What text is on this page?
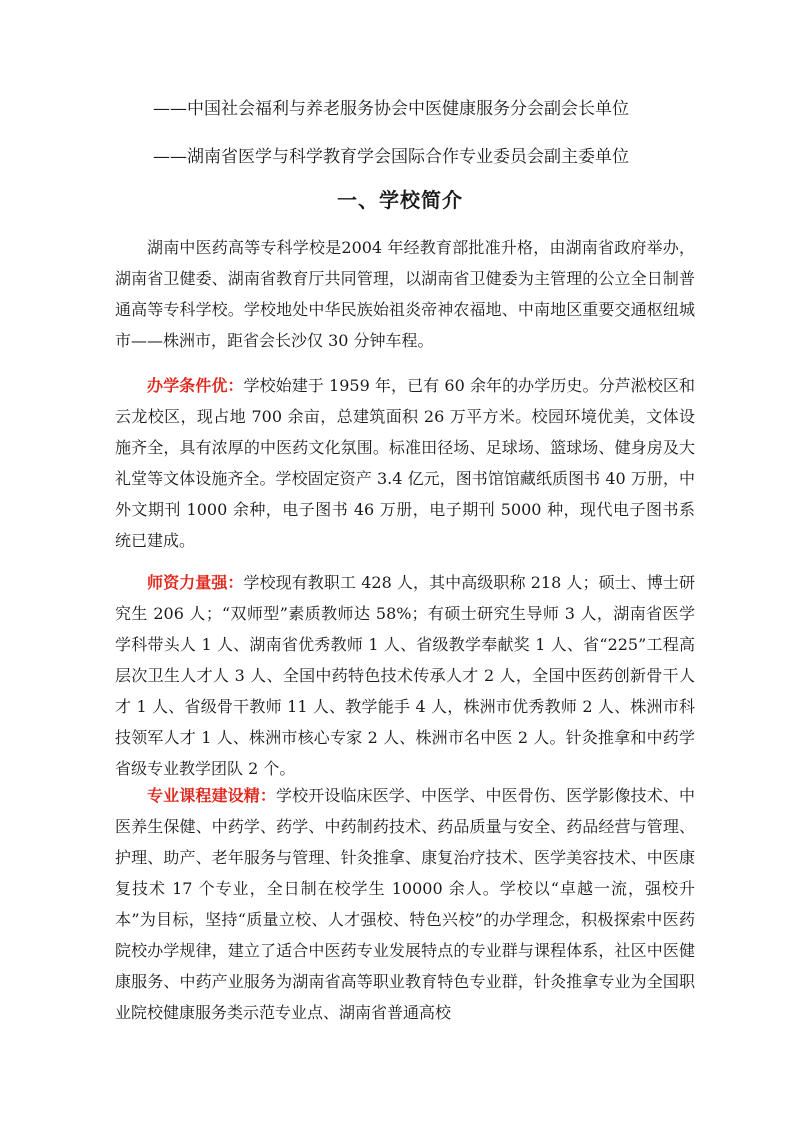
——中国社会福利与养老服务协会中医健康服务分会副会长单位
——湖南省医学与科学教育学会国际合作专业委员会副主委单位
一、学校简介

湖南中医药高等专科学校是2004 年经教育部批准升格，由湖南省政府举办，湖南省卫健委、湖南省教育厅共同管理，以湖南省卫健委为主管理的公立全日制普通高等专科学校。学校地处中华民族始祖炎帝神农福地、中南地区重要交通枢纽城市——株洲市，距省会长沙仅 30 分钟车程。

办学条件优：学校始建于 1959 年，已有 60 余年的办学历史。分芦淞校区和云龙校区，现占地 700 余亩，总建筑面积 26 万平方米。校园环境优美，文体设施齐全，具有浓厚的中医药文化氛围。标准田径场、足球场、篮球场、健身房及大礼堂等文体设施齐全。学校固定资产 3.4 亿元，图书馆馆藏纸质图书 40 万册，中外文期刊 1000 余种，电子图书 46 万册，电子期刊 5000 种，现代电子图书系统已建成。

师资力量强：学校现有教职工 428 人，其中高级职称 218 人；硕士、博士研究生 206 人；“双师型”素质教师达 58%；有硕士研究生导师 3 人，湖南省医学学科带头人 1 人、湖南省优秀教师 1 人、省级教学奉献奖 1 人、省“225”工程高层次卫生人才人 3 人、全国中药特色技术传承人才 2 人，全国中医药创新骨干人才 1 人、省级骨干教师 11 人、教学能手 4 人，株洲市优秀教师 2 人、株洲市科技领军人才 1 人、株洲市核心专家 2 人、株洲市名中医 2 人。针灸推拿和中药学省级专业教学团队 2 个。

专业课程建设精：学校开设临床医学、中医学、中医骨伤、医学影像技术、中医养生保健、中药学、药学、中药制药技术、药品质量与安全、药品经营与管理、护理、助产、老年服务与管理、针灸推拿、康复治疗技术、医学美容技术、中医康复技术 17 个专业，全日制在校学生 10000 余人。学校以“卓越一流，强校升本”为目标，坚持“质量立校、人才强校、特色兴校”的办学理念，积极探索中医药院校办学规律，建立了适合中医药专业发展特点的专业群与课程体系，社区中医健康服务、中药产业服务为湖南省高等职业教育特色专业群，针灸推拿专业为全国职业院校健康服务类示范专业点、湖南省普通高校
